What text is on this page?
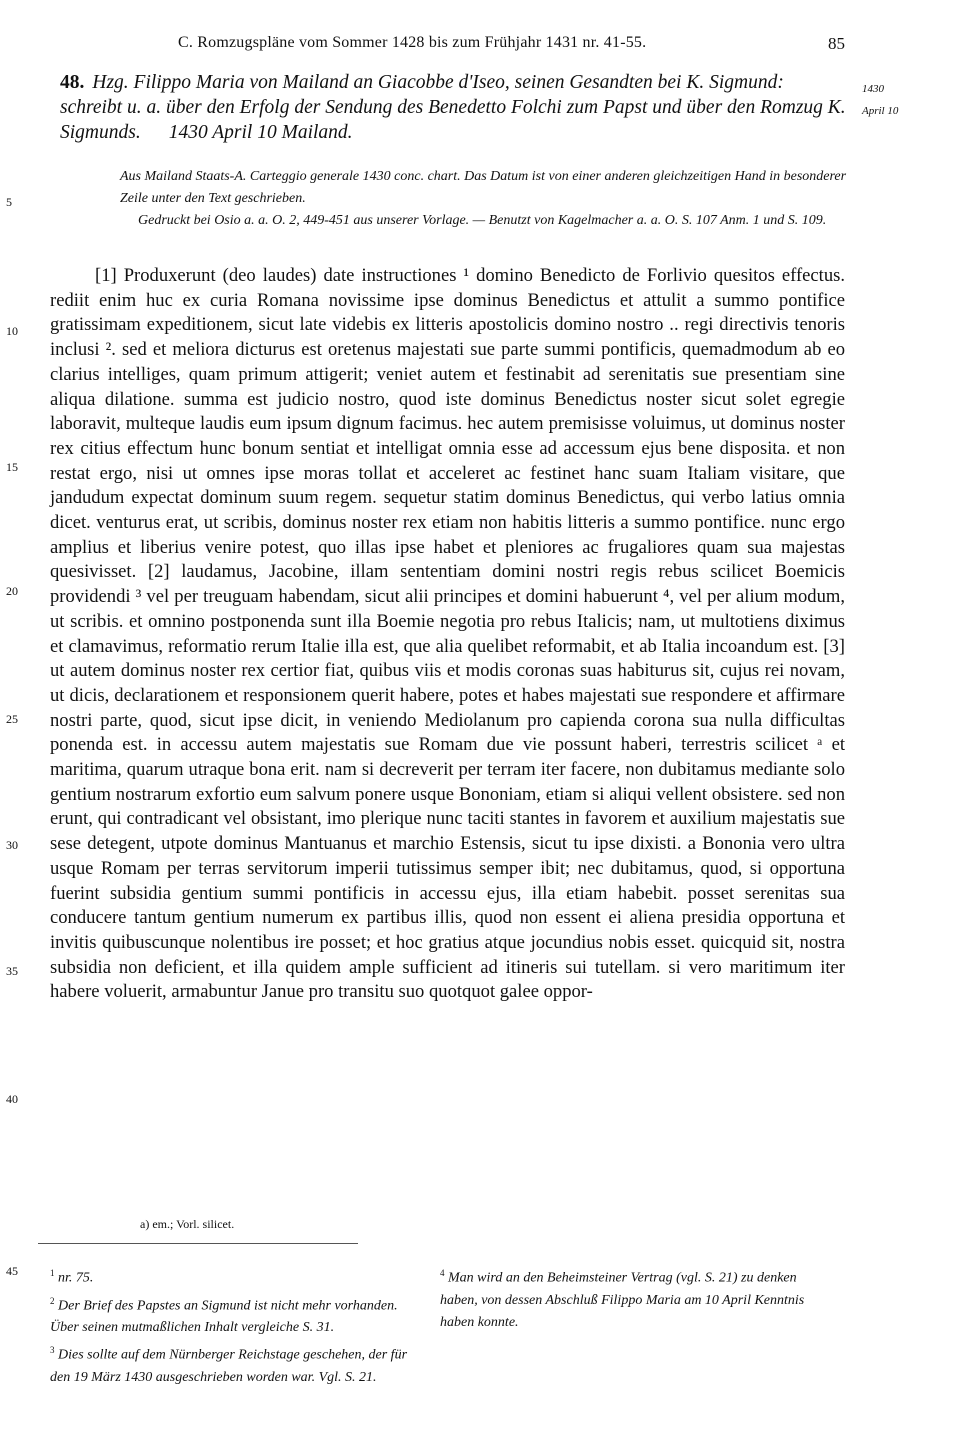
C. Romzugspläne vom Sommer 1428 bis zum Frühjahr 1431 nr. 41-55.	85
48. Hzg. Filippo Maria von Mailand an Giacobbe d'Iseo, seinen Gesandten bei K. Sigmund: schreibt u. a. über den Erfolg der Sendung des Benedetto Folchi zum Papst und über den Romzug K. Sigmunds. 1430 April 10 Mailand.
1430
April 10

Aus Mailand Staats-A. Carteggio generale 1430 conc. chart. Das Datum ist von einer anderen gleichzeitigen Hand in besonderer Zeile unter den Text geschrieben.

Gedruckt bei Osio a. a. O. 2, 449-451 aus unserer Vorlage. — Benutzt von Kagelmacher a. a. O. S. 107 Anm. 1 und S. 109.

5
10
15
20
25
30
35
40
45

[1] Produxerunt (deo laudes) date instructiones ¹ domino Benedicto de Forlivio quesitos effectus. rediit enim huc ex curia Romana novissime ipse dominus Benedictus et attulit a summo pontifice gratissimam expeditionem, sicut late videbis ex litteris apostolicis domino nostro .. regi directivis tenoris inclusi ². sed et meliora dicturus est oretenus majestati sue parte summi pontificis, quemadmodum ab eo clarius intelliges, quam primum attigerit; veniet autem et festinabit ad serenitatis sue presentiam sine aliqua dilatione. summa est judicio nostro, quod iste dominus Benedictus noster sicut solet egregie laboravit, multeque laudis eum ipsum dignum facimus. hec autem premisisse voluimus, ut dominus noster rex citius effectum hunc bonum sentiat et intelligat omnia esse ad accessum ejus bene disposita. et non restat ergo, nisi ut omnes ipse moras tollat et acceleret ac festinet hanc suam Italiam visitare, que jandudum expectat dominum suum regem. sequetur statim dominus Benedictus, qui verbo latius omnia dicet. venturus erat, ut scribis, dominus noster rex etiam non habitis litteris a summo pontifice. nunc ergo amplius et liberius venire potest, quo illas ipse habet et pleniores ac frugaliores quam sua majestas quesivisset. [2] laudamus, Jacobine, illam sententiam domini nostri regis rebus scilicet Boemicis providendi ³ vel per treuguam habendam, sicut alii principes et domini habuerunt ⁴, vel per alium modum, ut scribis. et omnino postponenda sunt illa Boemie negotia pro rebus Italicis; nam, ut multotiens diximus et clamavimus, reformatio rerum Italie illa est, que alia quelibet reformabit, et ab Italia incoandum est. [3] ut autem dominus noster rex certior fiat, quibus viis et modis coronas suas habiturus sit, cujus rei novam, ut dicis, declarationem et responsionem querit habere, potes et habes majestati sue respondere et affirmare nostri parte, quod, sicut ipse dicit, in veniendo Mediolanum pro capienda corona sua nulla difficultas ponenda est. in accessu autem majestatis sue Romam due vie possunt haberi, terrestris scilicet ᵃ et maritima, quarum utraque bona erit. nam si decreverit per terram iter facere, non dubitamus mediante solo gentium nostrarum exfortio eum salvum ponere usque Bononiam, etiam si aliqui vellent obsistere. sed non erunt, qui contradicant vel obsistant, imo plerique nunc taciti stantes in favorem et auxilium majestatis sue sese detegent, utpote dominus Mantuanus et marchio Estensis, sicut tu ipse dixisti. a Bononia vero ultra usque Romam per terras servitorum imperii tutissimus semper ibit; nec dubitamus, quod, si opportuna fuerint subsidia gentium summi pontificis in accessu ejus, illa etiam habebit. posset serenitas sua conducere tantum gentium numerum ex partibus illis, quod non essent ei aliena presidia opportuna et invitis quibuscunque nolentibus ire posset; et hoc gratius atque jocundius nobis esset. quicquid sit, nostra subsidia non deficient, et illa quidem ample sufficient ad itineris sui tutellam. si vero maritimum iter habere voluerit, armabuntur Janue pro transitu suo quotquot galee oppor-

a) em.; Vorl. silicet.

$^1$ nr. 75.

$^2$ Der Brief des Papstes an Sigmund ist nicht mehr vorhanden. Über seinen mutmaßlichen Inhalt vergleiche S. 31.

$^3$ Dies sollte auf dem Nürnberger Reichstage geschehen, der für den 19 März 1430 ausgeschrieben worden war. Vgl. S. 21.

$^4$ Man wird an den Beheimsteiner Vertrag (vgl. S. 21) zu denken haben, von dessen Abschluß Filippo Maria am 10 April Kenntnis haben konnte.
